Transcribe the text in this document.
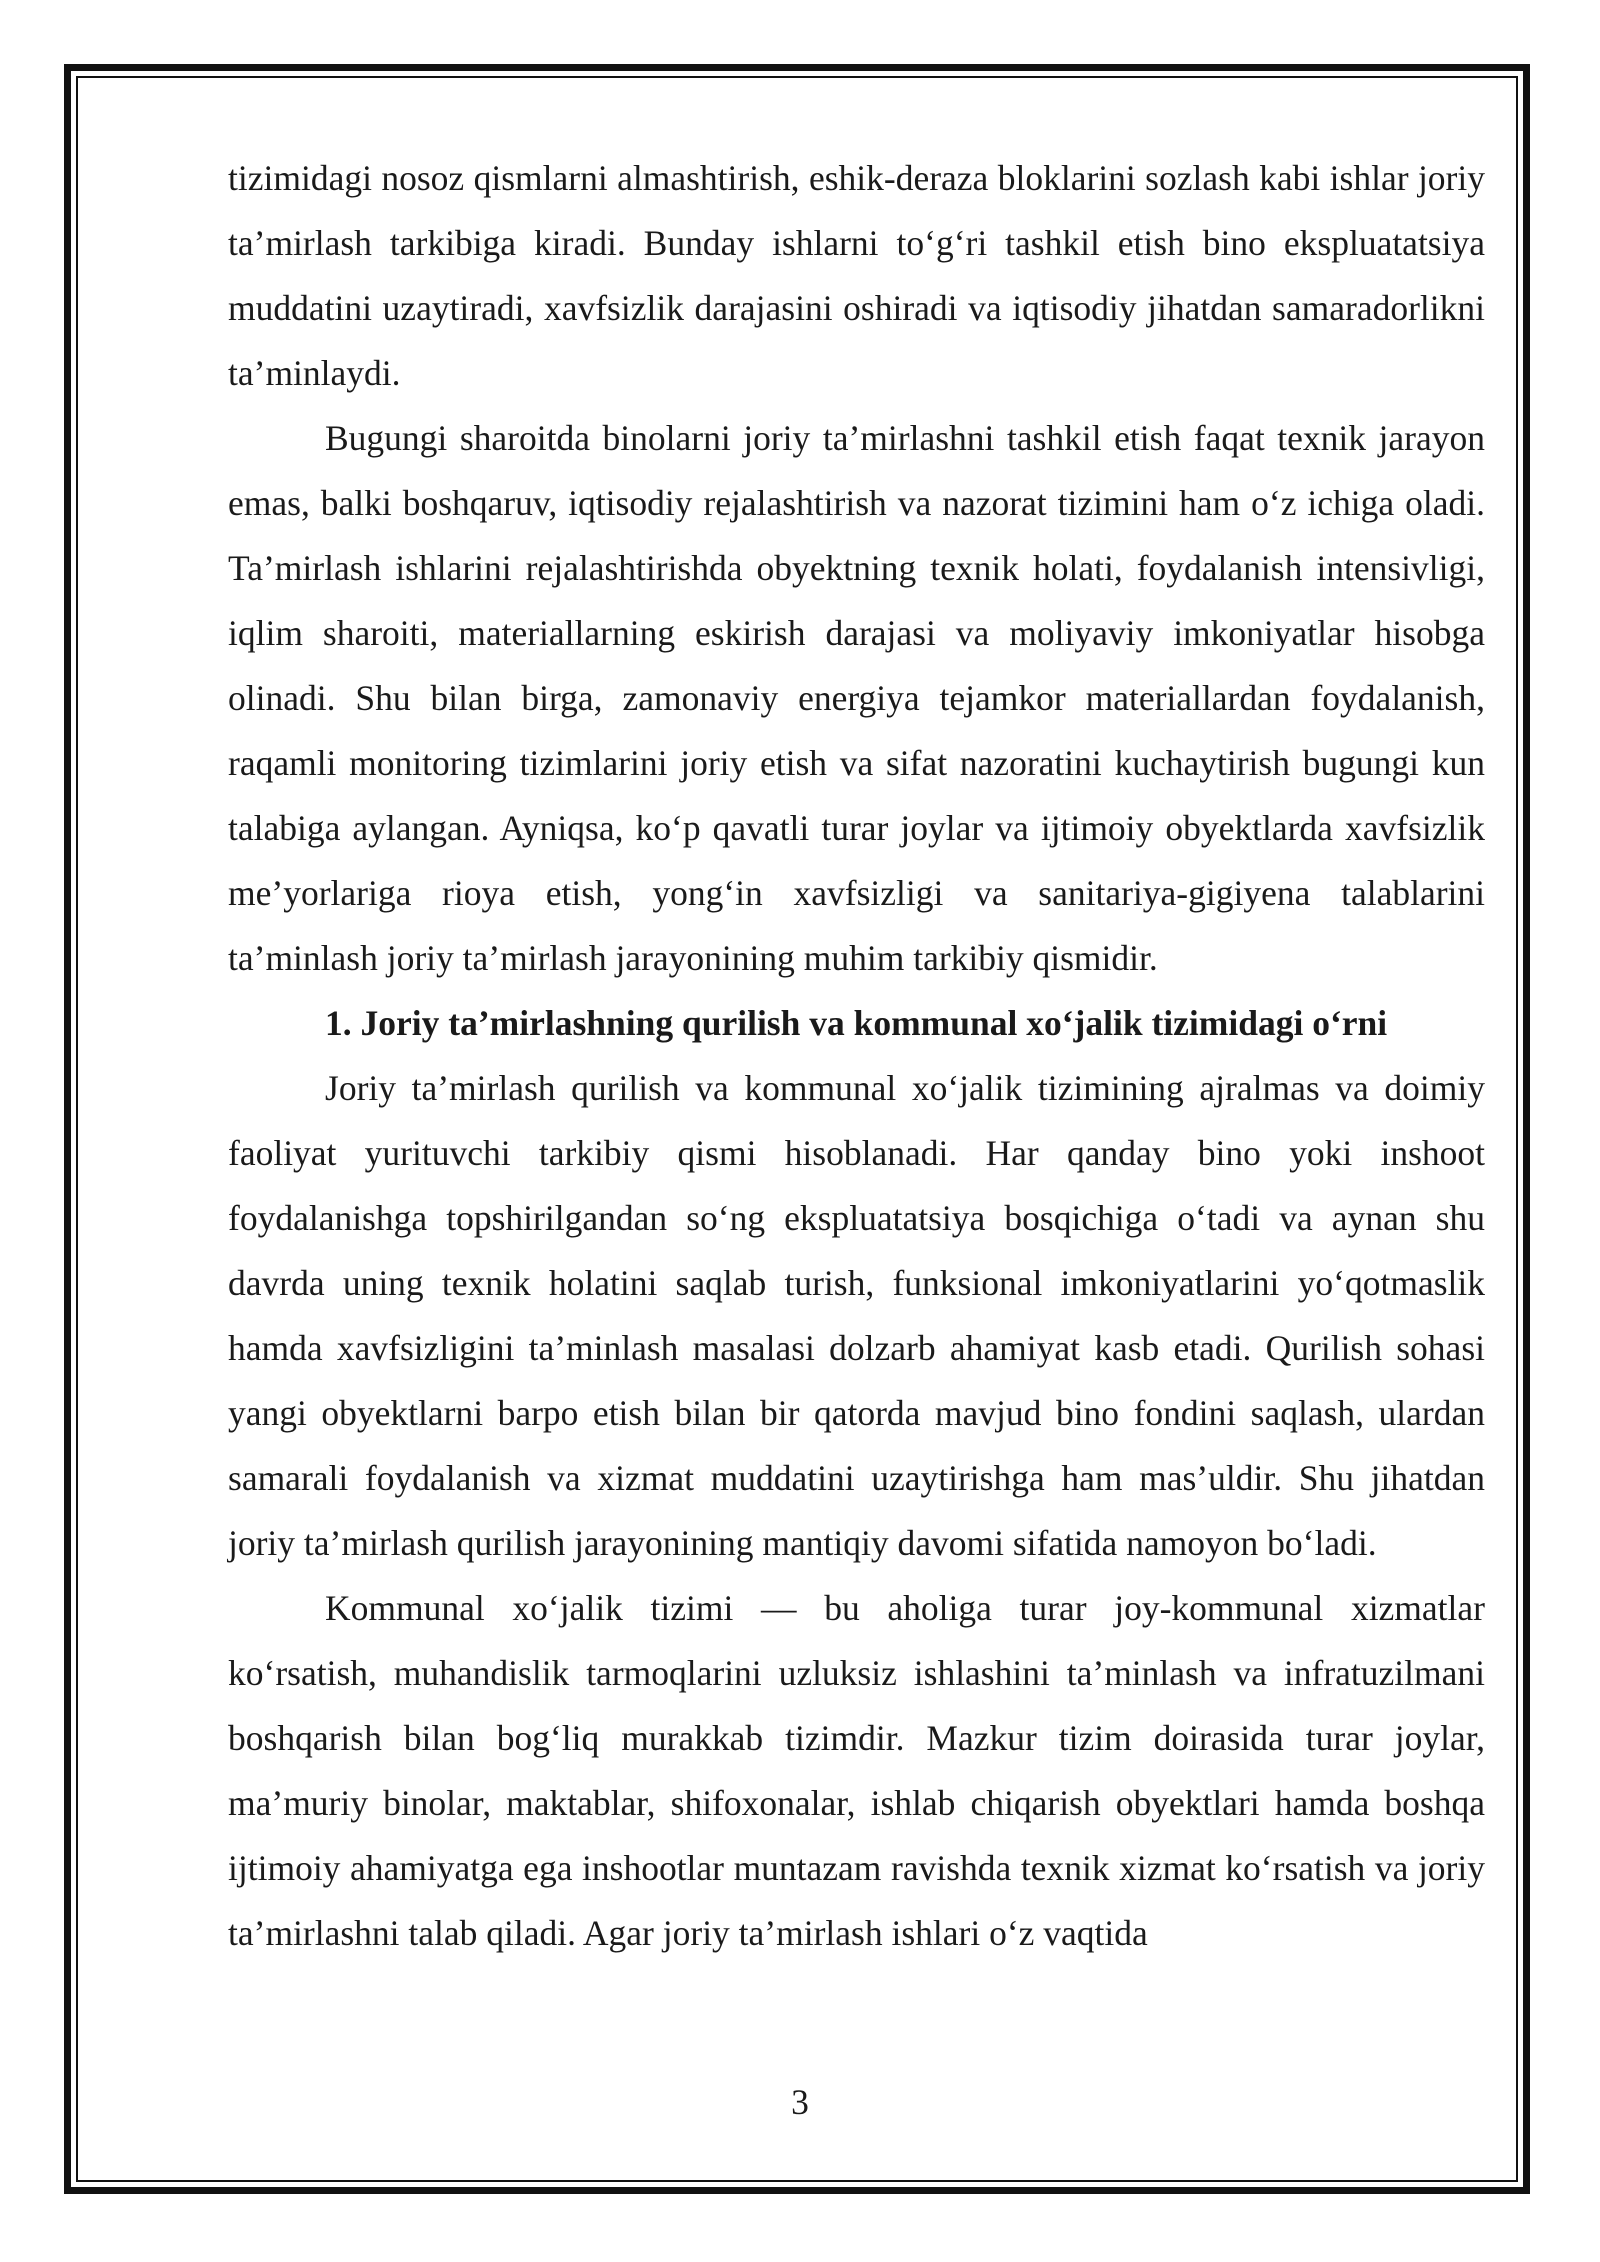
tizimidagi nosoz qismlarni almashtirish, eshik-deraza bloklarini sozlash kabi ishlar joriy ta’mirlash tarkibiga kiradi. Bunday ishlarni to‘g‘ri tashkil etish bino ekspluatatsiya muddatini uzaytiradi, xavfsizlik darajasini oshiradi va iqtisodiy jihatdan samaradorlikni ta’minlaydi.

Bugungi sharoitda binolarni joriy ta’mirlashni tashkil etish faqat texnik jarayon emas, balki boshqaruv, iqtisodiy rejalashtirish va nazorat tizimini ham o‘z ichiga oladi. Ta’mirlash ishlarini rejalashtirishda obyektning texnik holati, foydalanish intensivligi, iqlim sharoiti, materiallarning eskirish darajasi va moliyaviy imkoniyatlar hisobga olinadi. Shu bilan birga, zamonaviy energiya tejamkor materiallardan foydalanish, raqamli monitoring tizimlarini joriy etish va sifat nazoratini kuchaytirish bugungi kun talabiga aylangan. Ayniqsa, ko‘p qavatli turar joylar va ijtimoiy obyektlarda xavfsizlik me’yorlariga rioya etish, yong‘in xavfsizligi va sanitariya-gigiyena talablarini ta’minlash joriy ta’mirlash jarayonining muhim tarkibiy qismidir.

1. Joriy ta’mirlashning qurilish va kommunal xo‘jalik tizimidagi o‘rni

Joriy ta’mirlash qurilish va kommunal xo‘jalik tizimining ajralmas va doimiy faoliyat yurituvchi tarkibiy qismi hisoblanadi. Har qanday bino yoki inshoot foydalanishga topshirilgandan so‘ng ekspluatatsiya bosqichiga o‘tadi va aynan shu davrda uning texnik holatini saqlab turish, funksional imkoniyatlarini yo‘qotmaslik hamda xavfsizligini ta’minlash masalasi dolzarb ahamiyat kasb etadi. Qurilish sohasi yangi obyektlarni barpo etish bilan bir qatorda mavjud bino fondini saqlash, ulardan samarali foydalanish va xizmat muddatini uzaytirishga ham mas’uldir. Shu jihatdan joriy ta’mirlash qurilish jarayonining mantiqiy davomi sifatida namoyon bo‘ladi.

Kommunal xo‘jalik tizimi — bu aholiga turar joy-kommunal xizmatlar ko‘rsatish, muhandislik tarmoqlarini uzluksiz ishlashini ta’minlash va infratuzilmani boshqarish bilan bog‘liq murakkab tizimdir. Mazkur tizim doirasida turar joylar, ma’muriy binolar, maktablar, shifoxonalar, ishlab chiqarish obyektlari hamda boshqa ijtimoiy ahamiyatga ega inshootlar muntazam ravishda texnik xizmat ko‘rsatish va joriy ta’mirlashni talab qiladi. Agar joriy ta’mirlash ishlari o‘z vaqtida

3
